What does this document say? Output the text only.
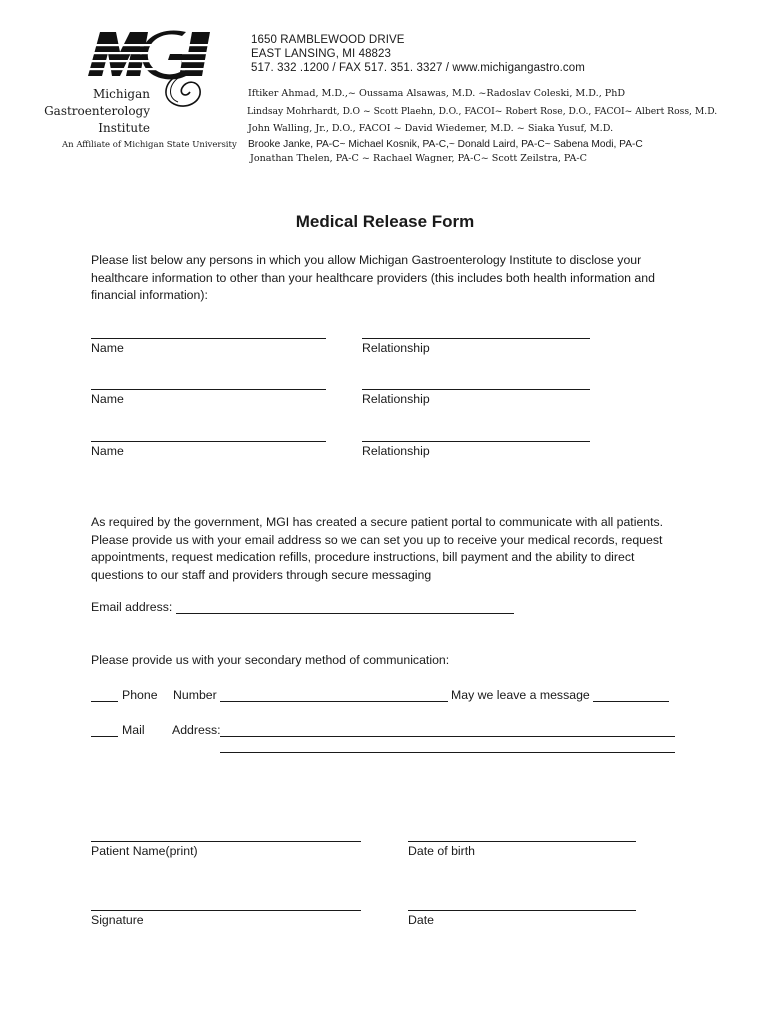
Michigan
Gastroenterology
Institute
An Affiliate of Michigan State University
1650 RAMBLEWOOD DRIVE
EAST LANSING, MI 48823
517. 332 .1200 / FAX 517. 351. 3327 / www.michigangastro.com
Iftiker Ahmad, M.D.,~ Oussama Alsawas, M.D. ~Radoslav Coleski, M.D., PhD
Lindsay Mohrhardt, D.O ~ Scott Plaehn, D.O., FACOI~ Robert Rose, D.O., FACOI~ Albert Ross, M.D.
John Walling, Jr., D.O., FACOI ~ David Wiedemer, M.D. ~ Siaka Yusuf, M.D.
Brooke Janke, PA-C~ Michael Kosnik, PA-C,~ Donald Laird, PA-C~ Sabena Modi, PA-C
Jonathan Thelen, PA-C ~ Rachael Wagner, PA-C~ Scott Zeilstra, PA-C
Medical Release Form
Please list below any persons in which you allow Michigan Gastroenterology Institute to disclose your healthcare information to other than your healthcare providers (this includes both health information and financial information):
Name	Relationship
Name	Relationship
Name	Relationship
As required by the government, MGI has created a secure patient portal to communicate with all patients. Please provide us with your email address so we can set you up to receive your medical records, request appointments, request medication refills, procedure instructions, bill payment and the ability to direct questions to our staff and providers through secure messaging
Email address:
Please provide us with your secondary method of communication:
Phone Number	May we leave a message
Mail Address:
Patient Name(print)	Date of birth
Signature	Date
